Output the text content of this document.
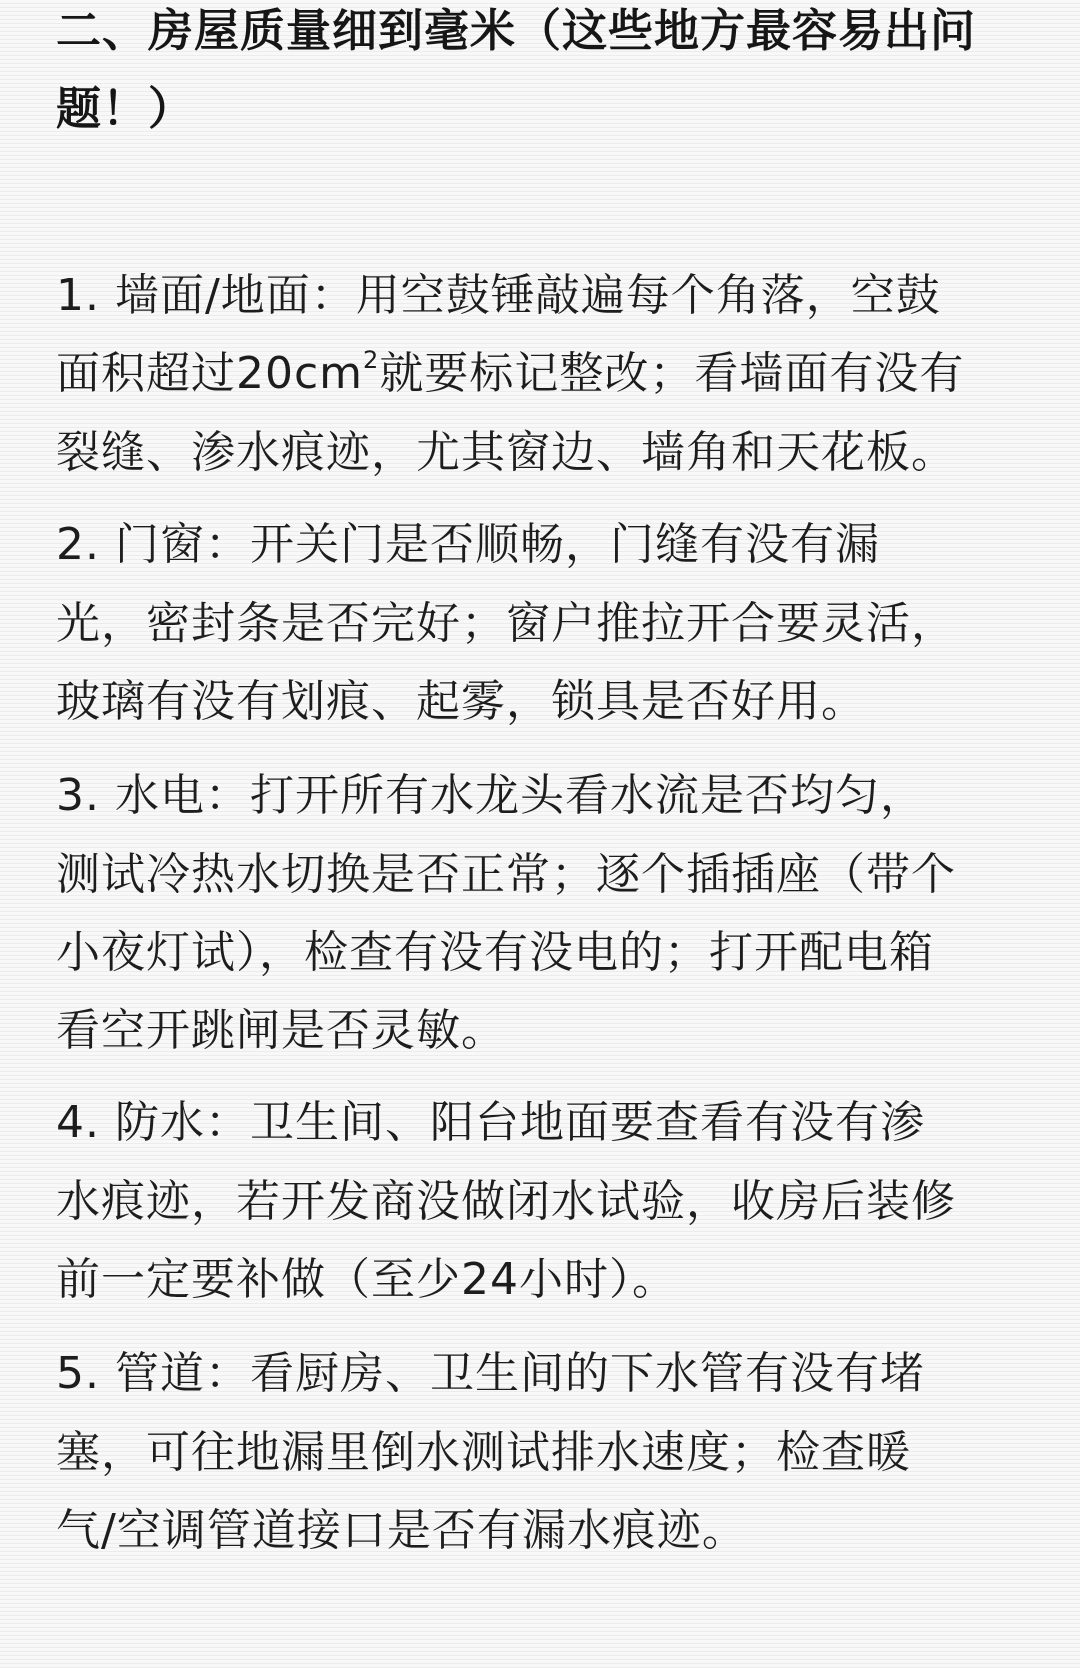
二、房屋质量细到毫米（这些地方最容易出问
题！）
1. 墙面/地面：用空鼓锤敲遍每个角落，空鼓
面积超过$20cm^2$就要标记整改；看墙面有没有
裂缝、渗水痕迹，尤其窗边、墙角和天花板。
2. 门窗：开关门是否顺畅，门缝有没有漏
光，密封条是否完好；窗户推拉开合要灵活，
玻璃有没有划痕、起雾，锁具是否好用。
3. 水电：打开所有水龙头看水流是否均匀，
测试冷热水切换是否正常；逐个插插座（带个
小夜灯试），检查有没有没电的；打开配电箱
看空开跳闸是否灵敏。
4. 防水：卫生间、阳台地面要查看有没有渗
水痕迹，若开发商没做闭水试验，收房后装修
前一定要补做（至少24小时）。
5. 管道：看厨房、卫生间的下水管有没有堵
塞，可往地漏里倒水测试排水速度；检查暖
气/空调管道接口是否有漏水痕迹。
